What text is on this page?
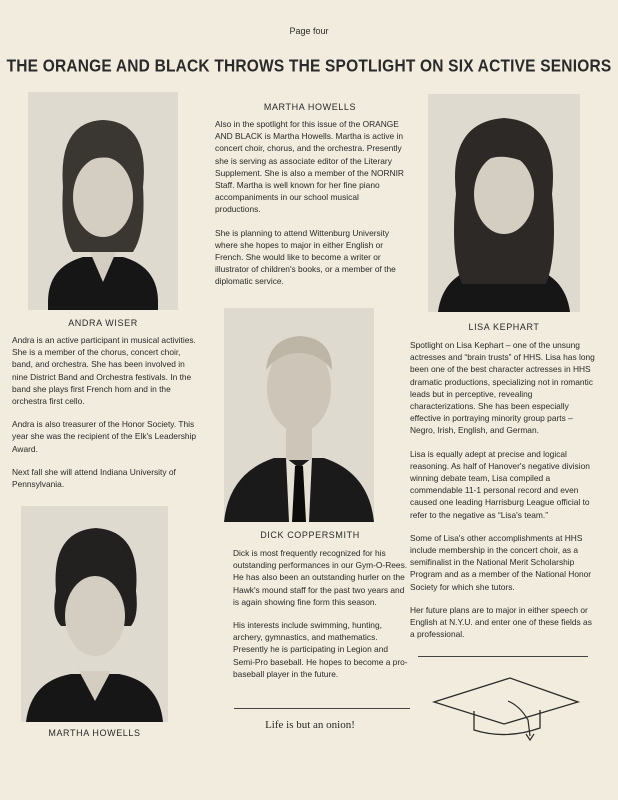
Page four
THE ORANGE AND BLACK THROWS THE SPOTLIGHT ON SIX ACTIVE SENIORS
ANDRA WISER

Andra is an active participant in musical activities. She is a member of the chorus, concert choir, band, and orchestra. She has been involved in nine District Band and Orchestra festivals. In the band she plays first French horn and in the orchestra first cello.

Andra is also treasurer of the Honor Society. This year she was the recipient of the Elk's Leadership Award.

Next fall she will attend Indiana University of Pennsylvania.

MARTHA HOWELLS
MARTHA HOWELLS

Also in the spotlight for this issue of the ORANGE AND BLACK is Martha Howells. Martha is active in concert choir, chorus, and the orchestra. Presently she is serving as associate editor of the Literary Supplement. She is also a member of the NORNIR Staff. Martha is well known for her fine piano accompaniments in our school musical productions.

She is planning to attend Wittenburg University where she hopes to major in either English or French. She would like to become a writer or illustrator of children's books, or a member of the diplomatic service.

DICK COPPERSMITH

Dick is most frequently recognized for his outstanding performances in our Gym-O-Rees. He has also been an outstanding hurler on the Hawk's mound staff for the past two years and is again showing fine form this season.

His interests include swimming, hunting, archery, gymnastics, and mathematics. Presently he is participating in Legion and Semi-Pro baseball. He hopes to become a pro-baseball player in the future.

Life is but an onion!
LISA KEPHART

Spotlight on Lisa Kephart – one of the unsung actresses and “brain trusts” of HHS. Lisa has long been one of the best character actresses in HHS dramatic productions, specializing not in romantic leads but in perceptive, revealing characterizations. She has been especially effective in portraying minority group parts – Negro, Irish, English, and German.

Lisa is equally adept at precise and logical reasoning. As half of Hanover's negative division winning debate team, Lisa compiled a commendable 11-1 personal record and even caused one leading Harrisburg League official to refer to the negative as “Lisa's team.”

Some of Lisa's other accomplishments at HHS include membership in the concert choir, as a semifinalist in the National Merit Scholarship Program and as a member of the National Honor Society for which she tutors.

Her future plans are to major in either speech or English at N.Y.U. and enter one of these fields as a professional.
